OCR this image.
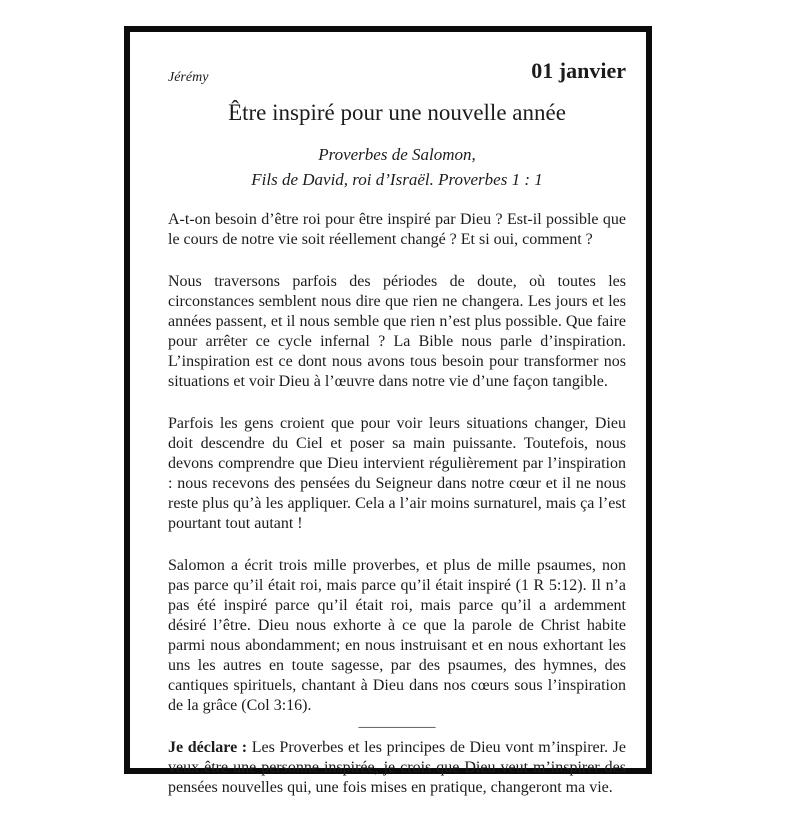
Jérémy	01 janvier
Être inspiré pour une nouvelle année
Proverbes de Salomon,
Fils de David, roi d’Israël. Proverbes 1 : 1

A-t-on besoin d’être roi pour être inspiré par Dieu ? Est-il possible que le cours de notre vie soit réellement changé ? Et si oui, comment ?

Nous traversons parfois des périodes de doute, où toutes les circonstances semblent nous dire que rien ne changera. Les jours et les années passent, et il nous semble que rien n’est plus possible. Que faire pour arrêter ce cycle infernal ? La Bible nous parle d’inspiration. L’inspiration est ce dont nous avons tous besoin pour transformer nos situations et voir Dieu à l’œuvre dans notre vie d’une façon tangible.

Parfois les gens croient que pour voir leurs situations changer, Dieu doit descendre du Ciel et poser sa main puissante. Toutefois, nous devons comprendre que Dieu intervient régulièrement par l’inspiration : nous recevons des pensées du Seigneur dans notre cœur et il ne nous reste plus qu’à les appliquer. Cela a l’air moins surnaturel, mais ça l’est pourtant tout autant !

Salomon a écrit trois mille proverbes, et plus de mille psaumes, non pas parce qu’il était roi, mais parce qu’il était inspiré (1 R 5:12). Il n’a pas été inspiré parce qu’il était roi, mais parce qu’il a ardemment désiré l’être. Dieu nous exhorte à ce que la parole de Christ habite parmi nous abondamment; en nous instruisant et en nous exhortant les uns les autres en toute sagesse, par des psaumes, des hymnes, des cantiques spirituels, chantant à Dieu dans nos cœurs sous l’inspiration de la grâce (Col 3:16).

___________

Je déclare : Les Proverbes et les principes de Dieu vont m’inspirer. Je veux être une personne inspirée, je crois que Dieu veut m’inspirer des pensées nouvelles qui, une fois mises en pratique, changeront ma vie.
